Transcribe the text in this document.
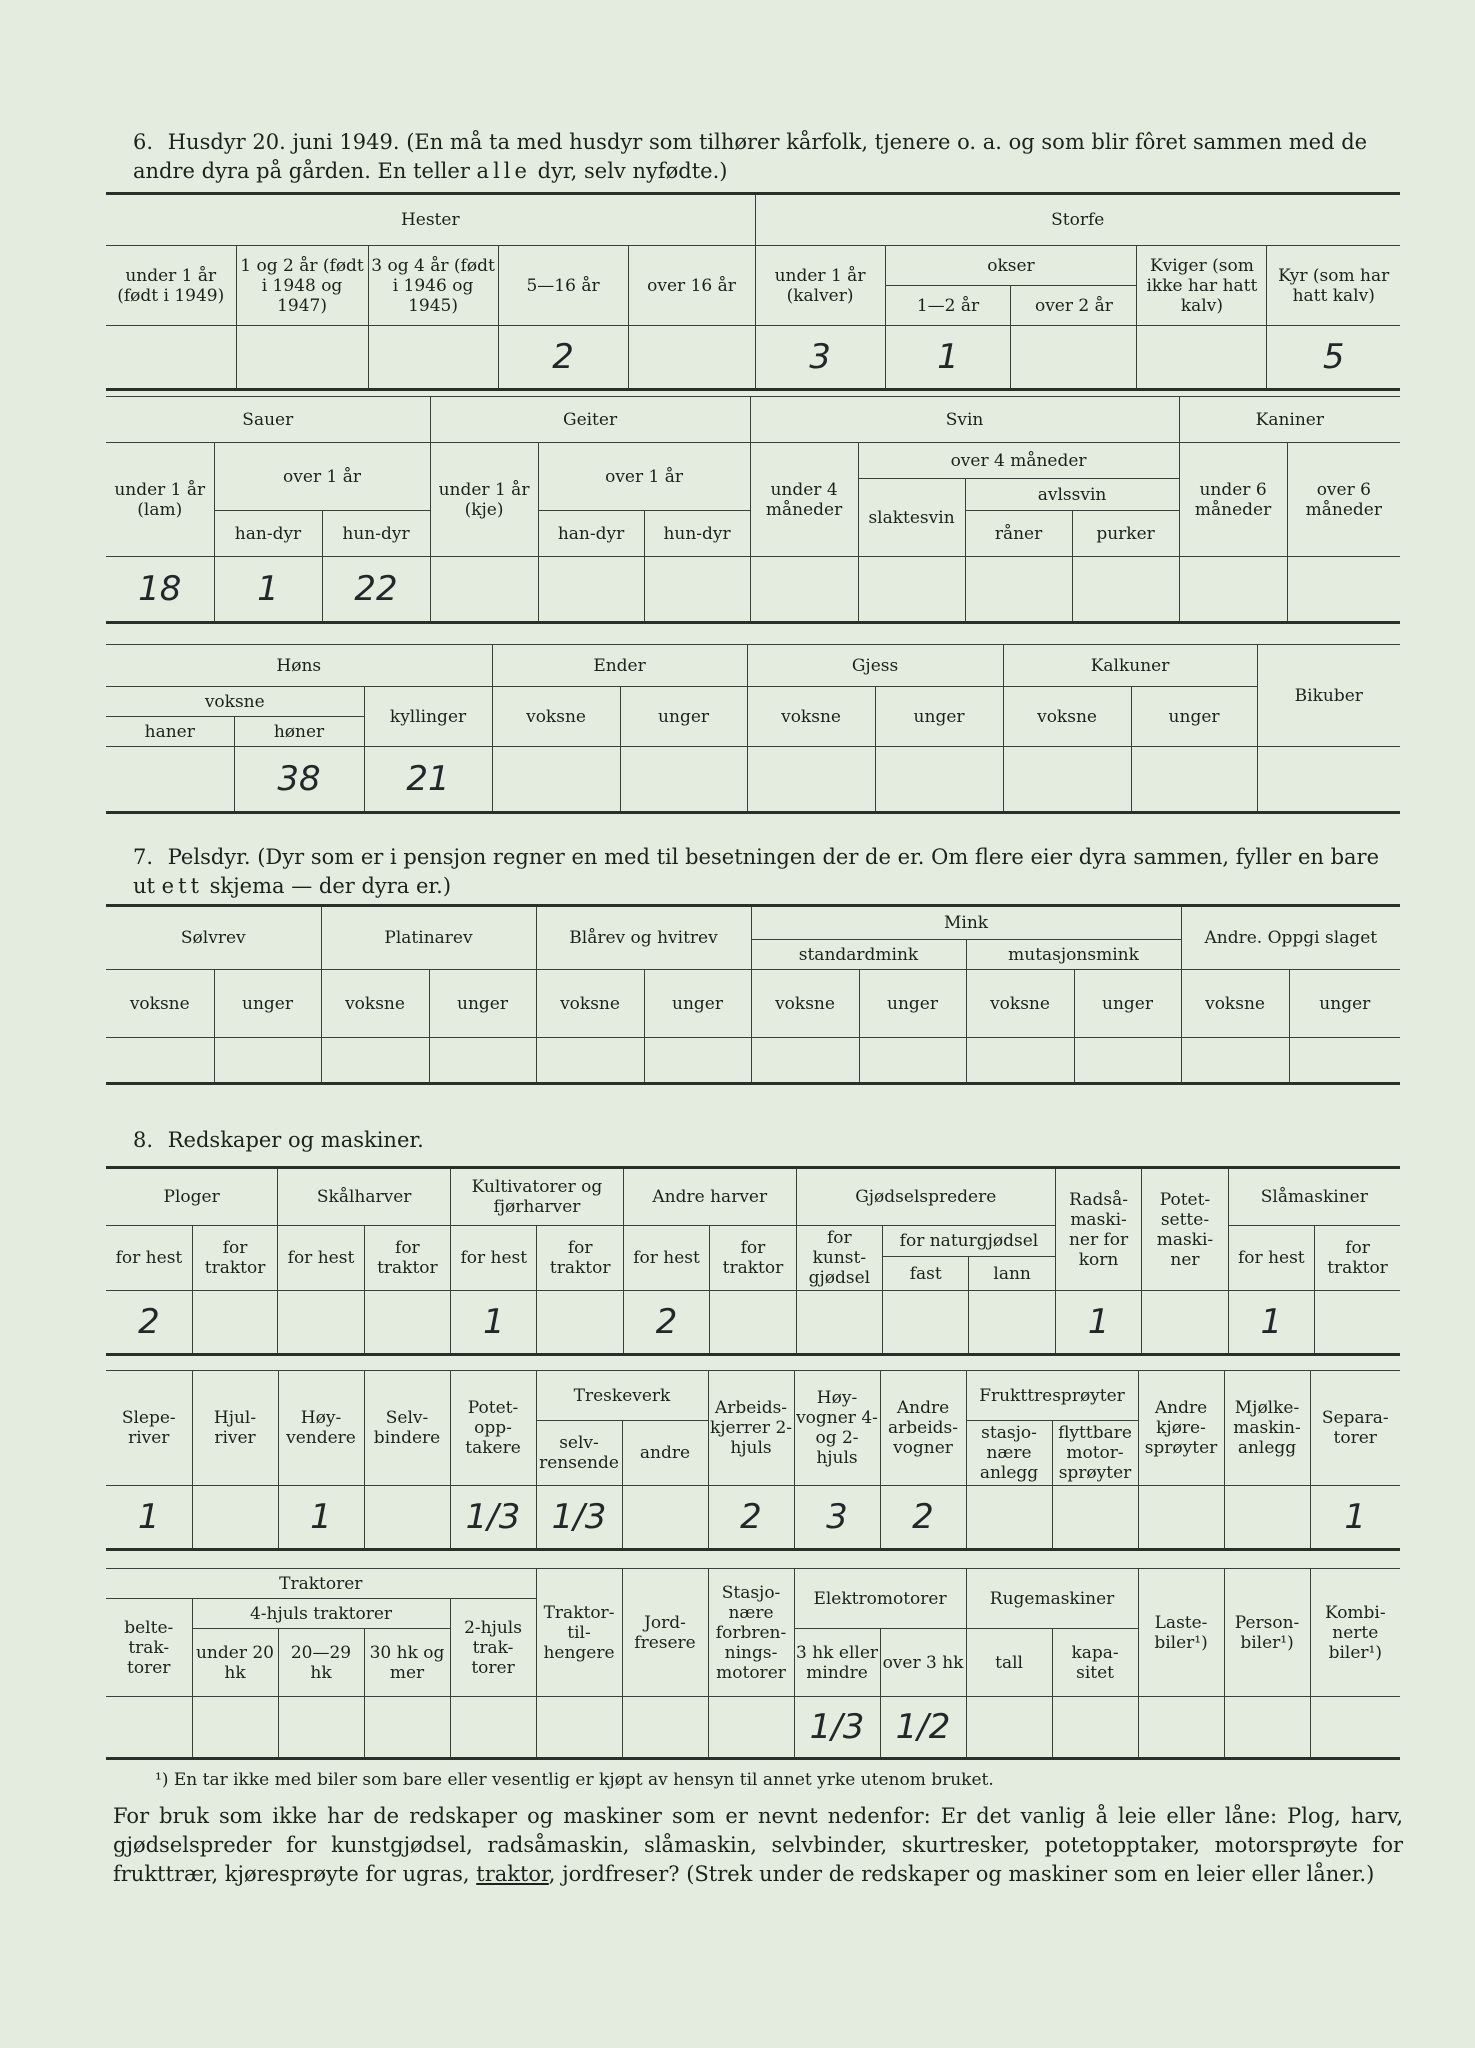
6. Husdyr 20. juni 1949. (En må ta med husdyr som tilhører kårfolk, tjenere o. a. og som blir fôret sammen med de andre dyra på gården. En teller alle dyr, selv nyfødte.)
Hester					Storfe				
under 1 år (født i 1949)	1 og 2 år (født i 1948 og 1947)	3 og 4 år (født i 1946 og 1945)	5—16 år	over 16 år	under 1 år (kalver)	okser		Kviger (som ikke har hatt kalv)	Kyr (som har hatt kalv)
						1—2 år	over 2 år		
			2		3	1			5
Sauer			Geiter			Svin				Kaniner	
under 1 år (lam)	over 1 år		under 1 år (kje)	over 1 år		under 4 måneder	over 4 måneder			under 6 måneder	over 6 måneder
							slaktesvin	avlssvin			
	han-dyr	hun-dyr		han-dyr	hun-dyr			råner	purker		
18	1	22									
Høns			Ender		Gjess		Kalkuner		Bikuber
voksne		kyllinger	voksne	unger	voksne	unger	voksne	unger	
haner	høner								
	38	21							
7. Pelsdyr. (Dyr som er i pensjon regner en med til besetningen der de er. Om flere eier dyra sammen, fyller en bare ut ett skjema — der dyra er.)
Sølvrev		Platinarev		Blårev og hvitrev		Mink				Andre. Oppgi slaget	
						standardmink		mutasjonsmink			
voksne	unger	voksne	unger	voksne	unger	voksne	unger	voksne	unger	voksne	unger

8. Redskaper og maskiner.
Ploger		Skålharver		Kultivatorer og fjørharver		Andre harver		Gjødselspredere			Radså-maski-ner for korn	Potet-sette-maski-ner	Slåmaskiner	
for hest	for traktor	for hest	for traktor	for hest	for traktor	for hest	for traktor	for kunst-gjødsel	for naturgjødsel				for hest	for traktor
									fast	lann				
2				1		2					1		1	
Slepe-river	Hjul-river	Høy-vendere	Selv-bindere	Potet-opp-takere	Treskeverk		Arbeids-kjerrer 2-hjuls	Høy-vogner 4- og 2-hjuls	Andre arbeids-vogner	Frukttresprøyter		Andre kjøre-sprøyter	Mjølke-maskin-anlegg	Separa-torer
					selv-rensende	andre				stasjo-nære anlegg	flyttbare motor-sprøyter			
1		1		1/3	1/3		2	3	2					1
Traktorer					Traktor-til-hengere	Jord-fresere	Stasjo-nære forbren-nings-motorer	Elektromotorer		Rugemaskiner		Laste-biler¹)	Person-biler¹)	Kombi-nerte biler¹)
belte-trak-torer	4-hjuls traktorer			2-hjuls trak-torer										
	under 20 hk	20—29 hk	30 hk og mer					3 hk eller mindre	over 3 hk	tall	kapa-sitet			
								1/3	1/2					
¹) En tar ikke med biler som bare eller vesentlig er kjøpt av hensyn til annet yrke utenom bruket.
For bruk som ikke har de redskaper og maskiner som er nevnt nedenfor: Er det vanlig å leie eller låne: Plog, harv, gjødselspreder for kunstgjødsel, radsåmaskin, slåmaskin, selvbinder, skurtresker, potetopptaker, motorsprøyte for frukttrær, kjøresprøyte for ugras, traktor, jordfreser? (Strek under de redskaper og maskiner som en leier eller låner.)
